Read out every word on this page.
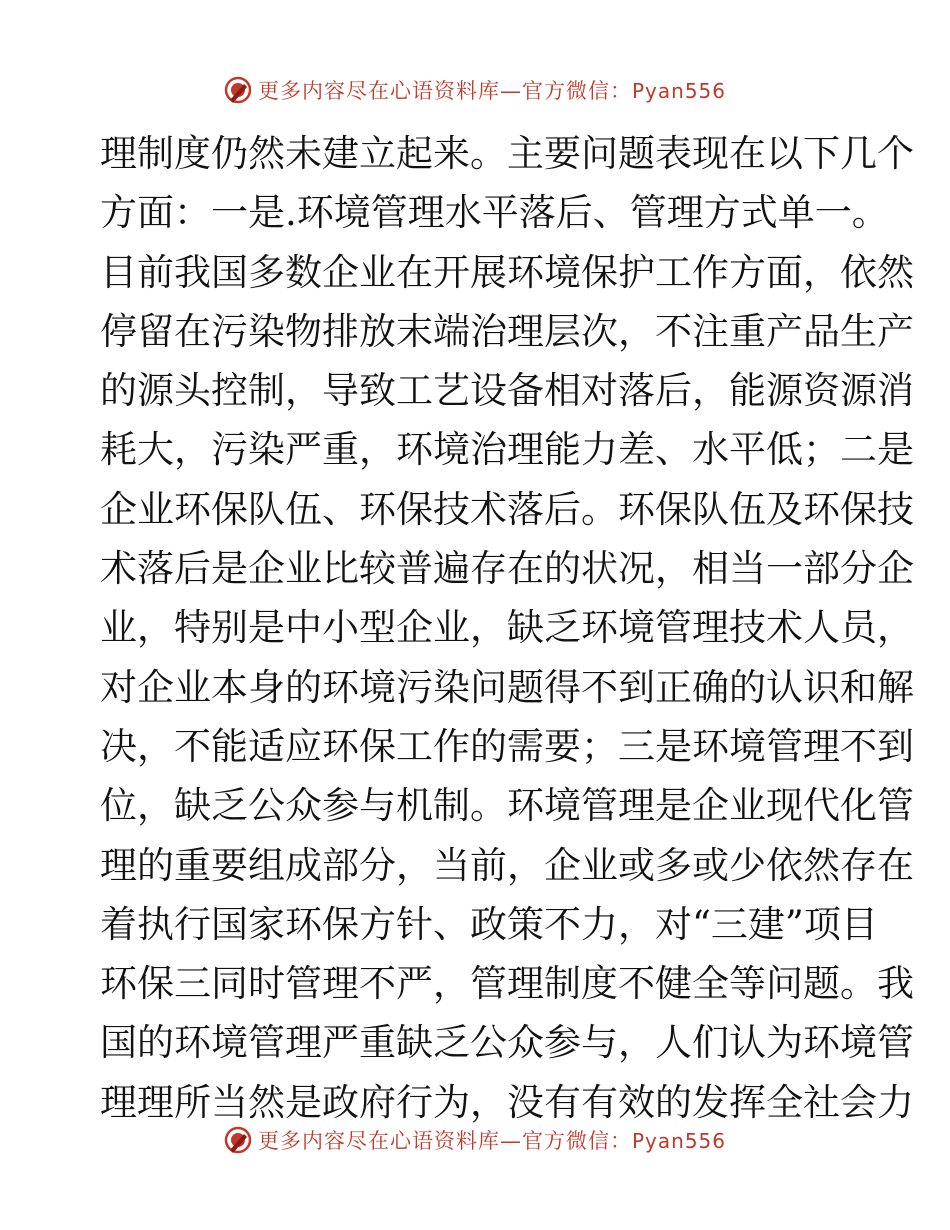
更多内容尽在心语资料库—官方微信：Pyan556
理制度仍然未建立起来。主要问题表现在以下几个
方面：一是.环境管理水平落后、管理方式单一。
目前我国多数企业在开展环境保护工作方面，依然
停留在污染物排放末端治理层次，不注重产品生产
的源头控制，导致工艺设备相对落后，能源资源消
耗大，污染严重，环境治理能力差、水平低；二是
企业环保队伍、环保技术落后。环保队伍及环保技
术落后是企业比较普遍存在的状况，相当一部分企
业，特别是中小型企业，缺乏环境管理技术人员，
对企业本身的环境污染问题得不到正确的认识和解
决，不能适应环保工作的需要；三是环境管理不到
位，缺乏公众参与机制。环境管理是企业现代化管
理的重要组成部分，当前，企业或多或少依然存在
着执行国家环保方针、政策不力，对“三建”项目
环保三同时管理不严，管理制度不健全等问题。我
国的环境管理严重缺乏公众参与，人们认为环境管
理理所当然是政府行为，没有有效的发挥全社会力
更多内容尽在心语资料库—官方微信：Pyan556
